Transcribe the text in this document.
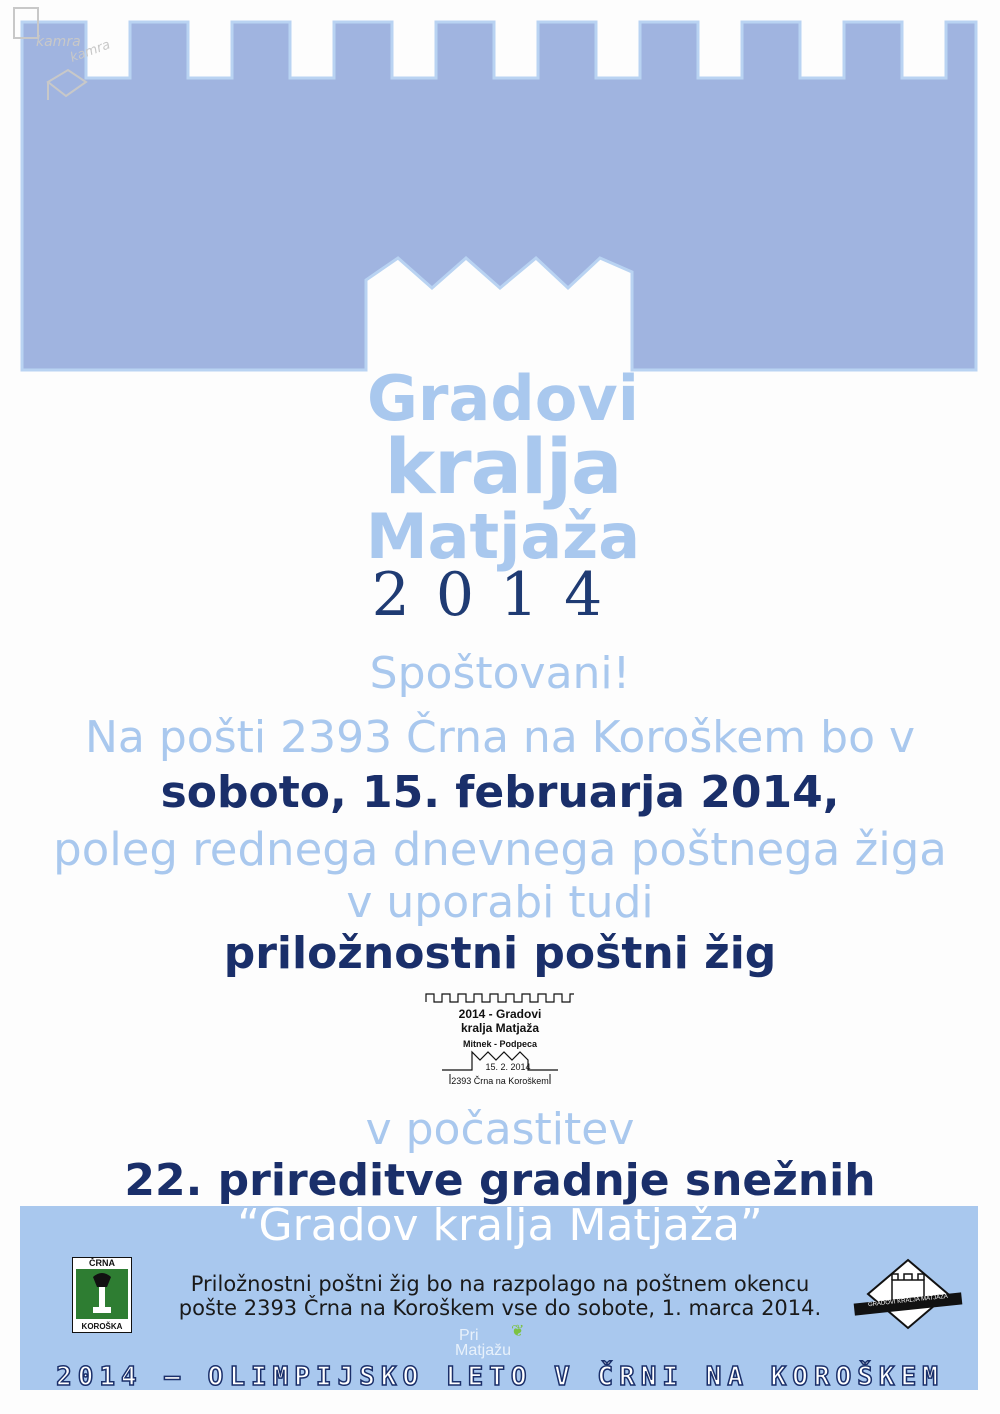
kamra
kamra
Gradovi
kralja
Matjaža
2014
Spoštovani!
Na pošti 2393 Črna na Koroškem bo v
soboto, 15. februarja 2014,
poleg rednega dnevnega poštnega žiga
v uporabi tudi
priložnostni poštni žig
2014 - Gradovi
kralja Matjaža
Mitnek - Podpeca
15. 2. 2014
2393 Črna na Koroškem
v počastitev
22. prireditve gradnje snežnih
“Gradov kralja Matjaža”
ČRNA
KOROŠKA
Priložnostni poštni žig bo na razpolago na poštnem okencu
pošte 2393 Črna na Koroškem vse do sobote, 1. marca 2014.	GRADOVI KRALJA MATJAŽA
Pri
Matjažu
❦
2014 – OLIMPIJSKO LETO V ČRNI NA KOROŠKEM
